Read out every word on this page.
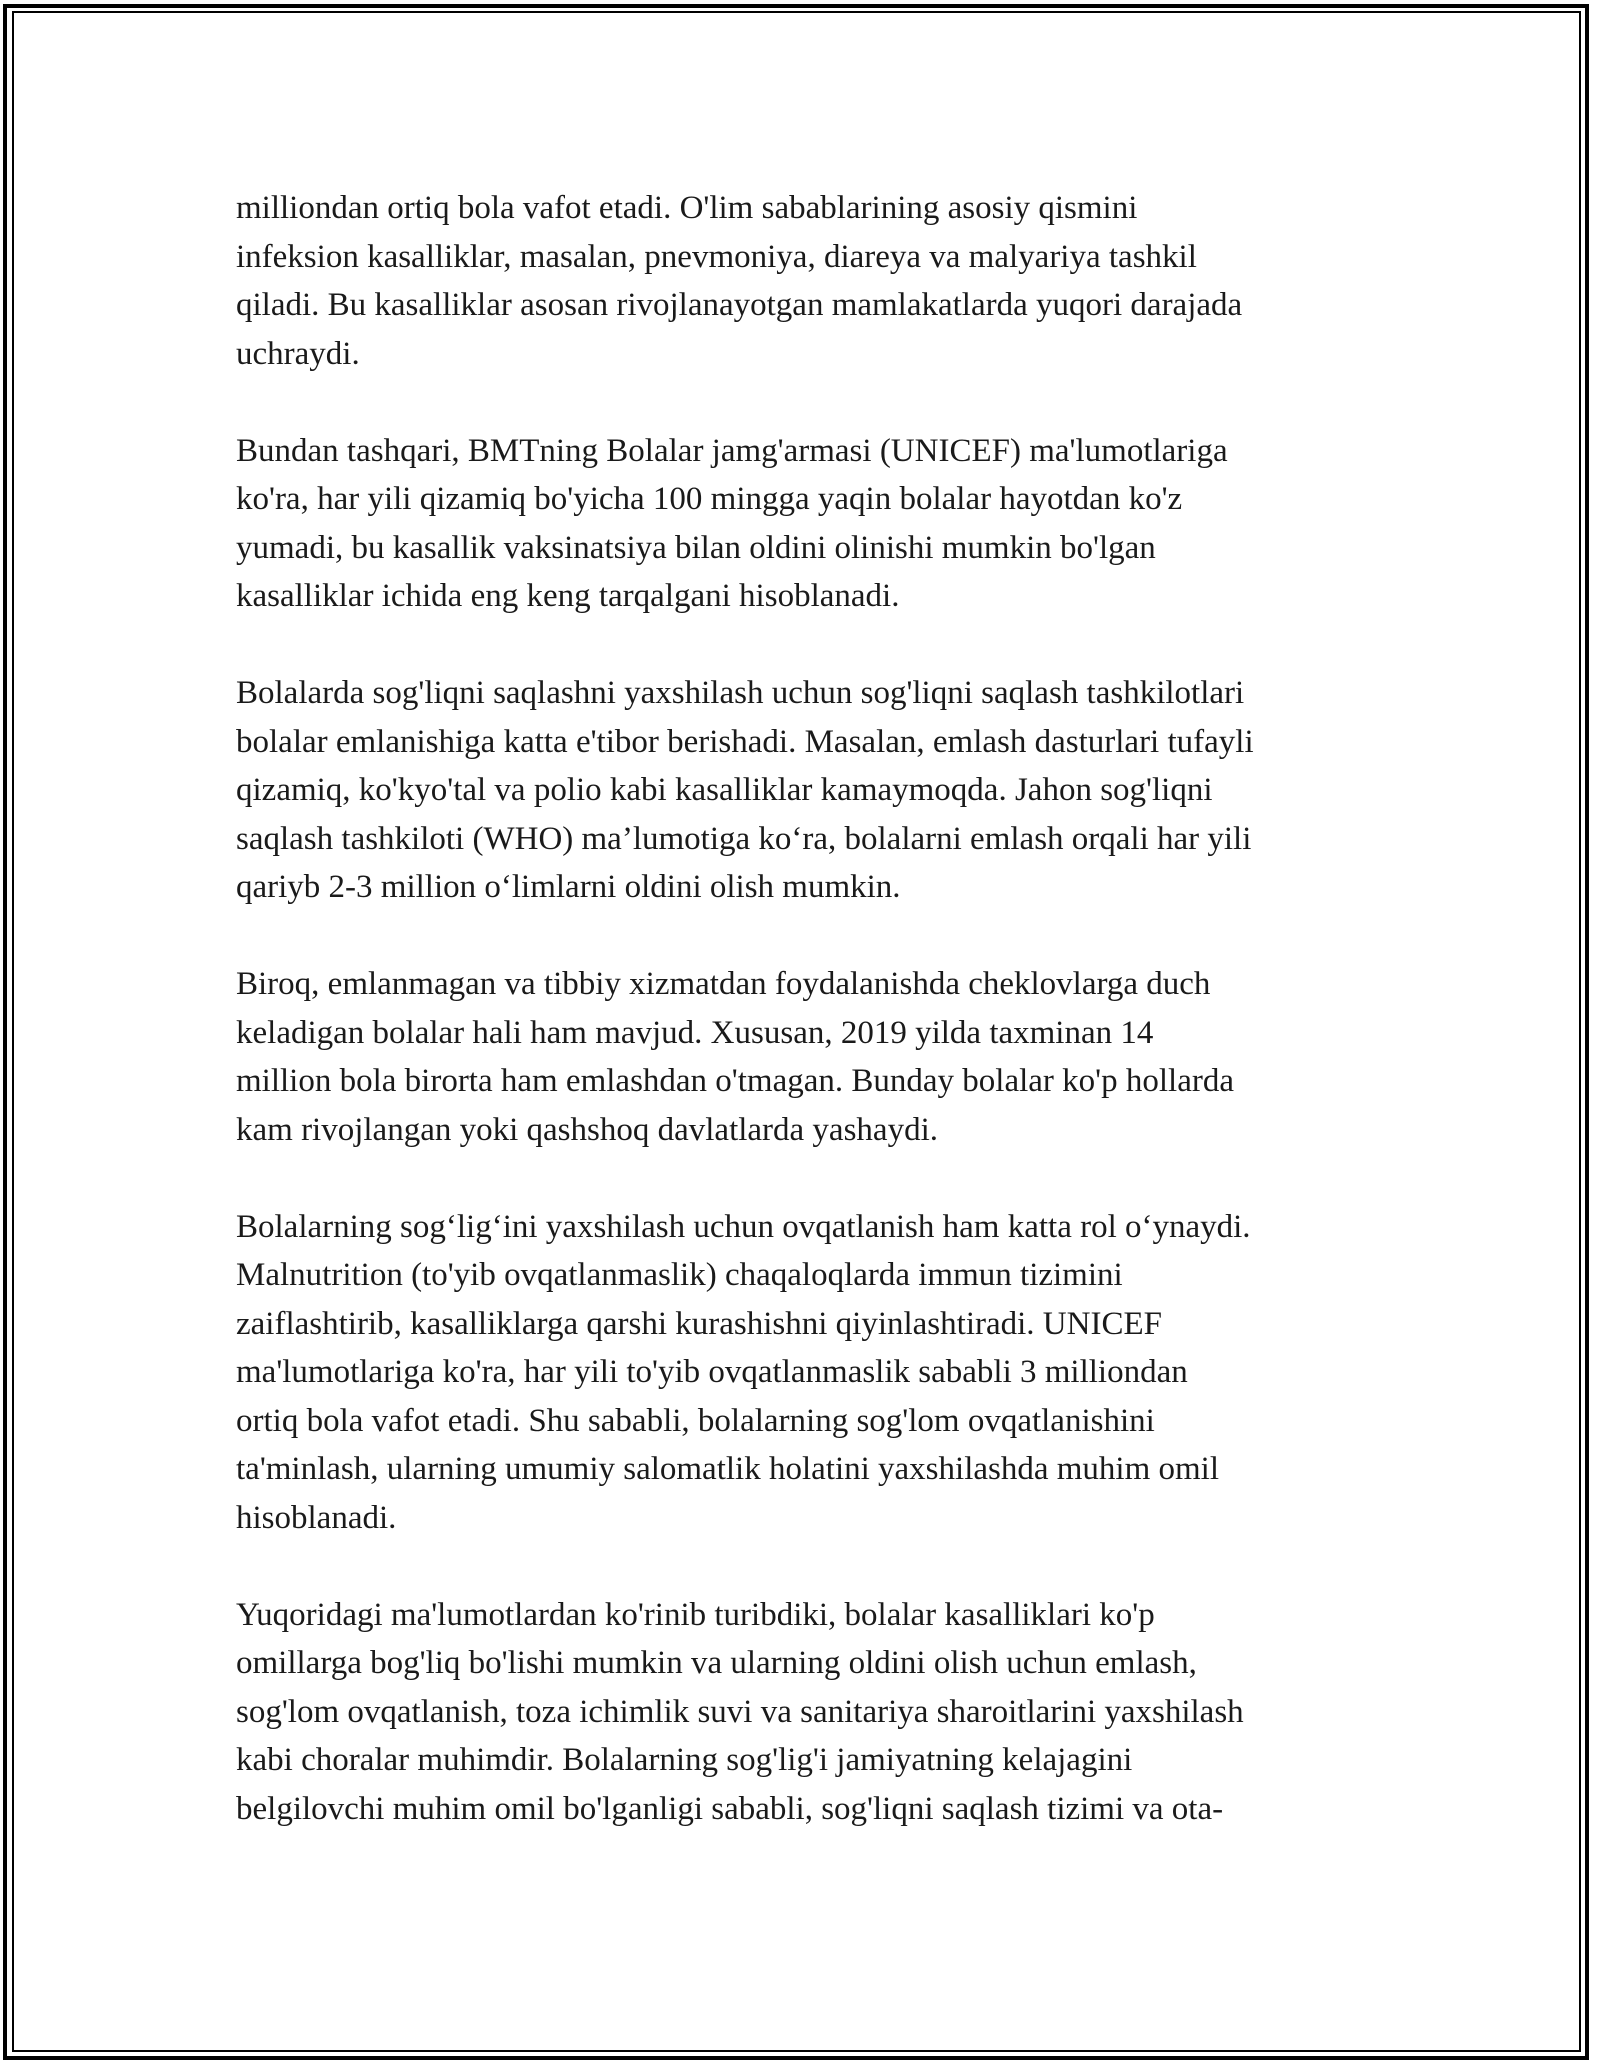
milliondan ortiq bola vafot etadi. O'lim sabablarining asosiy qismini
infeksion kasalliklar, masalan, pnevmoniya, diareya va malyariya tashkil
qiladi. Bu kasalliklar asosan rivojlanayotgan mamlakatlarda yuqori darajada
uchraydi.
Bundan tashqari, BMTning Bolalar jamg'armasi (UNICEF) ma'lumotlariga
ko'ra, har yili qizamiq bo'yicha 100 mingga yaqin bolalar hayotdan ko'z
yumadi, bu kasallik vaksinatsiya bilan oldini olinishi mumkin bo'lgan
kasalliklar ichida eng keng tarqalgani hisoblanadi.
Bolalarda sog'liqni saqlashni yaxshilash uchun sog'liqni saqlash tashkilotlari
bolalar emlanishiga katta e'tibor berishadi. Masalan, emlash dasturlari tufayli
qizamiq, ko'kyo'tal va polio kabi kasalliklar kamaymoqda. Jahon sog'liqni
saqlash tashkiloti (WHO) ma’lumotiga ko‘ra, bolalarni emlash orqali har yili
qariyb 2-3 million o‘limlarni oldini olish mumkin.
Biroq, emlanmagan va tibbiy xizmatdan foydalanishda cheklovlarga duch
keladigan bolalar hali ham mavjud. Xususan, 2019 yilda taxminan 14
million bola birorta ham emlashdan o'tmagan. Bunday bolalar ko'p hollarda
kam rivojlangan yoki qashshoq davlatlarda yashaydi.
Bolalarning sog‘lig‘ini yaxshilash uchun ovqatlanish ham katta rol o‘ynaydi.
Malnutrition (to'yib ovqatlanmaslik) chaqaloqlarda immun tizimini
zaiflashtirib, kasalliklarga qarshi kurashishni qiyinlashtiradi. UNICEF
ma'lumotlariga ko'ra, har yili to'yib ovqatlanmaslik sababli 3 milliondan
ortiq bola vafot etadi. Shu sababli, bolalarning sog'lom ovqatlanishini
ta'minlash, ularning umumiy salomatlik holatini yaxshilashda muhim omil
hisoblanadi.
Yuqoridagi ma'lumotlardan ko'rinib turibdiki, bolalar kasalliklari ko'p
omillarga bog'liq bo'lishi mumkin va ularning oldini olish uchun emlash,
sog'lom ovqatlanish, toza ichimlik suvi va sanitariya sharoitlarini yaxshilash
kabi choralar muhimdir. Bolalarning sog'lig'i jamiyatning kelajagini
belgilovchi muhim omil bo'lganligi sababli, sog'liqni saqlash tizimi va ota-
